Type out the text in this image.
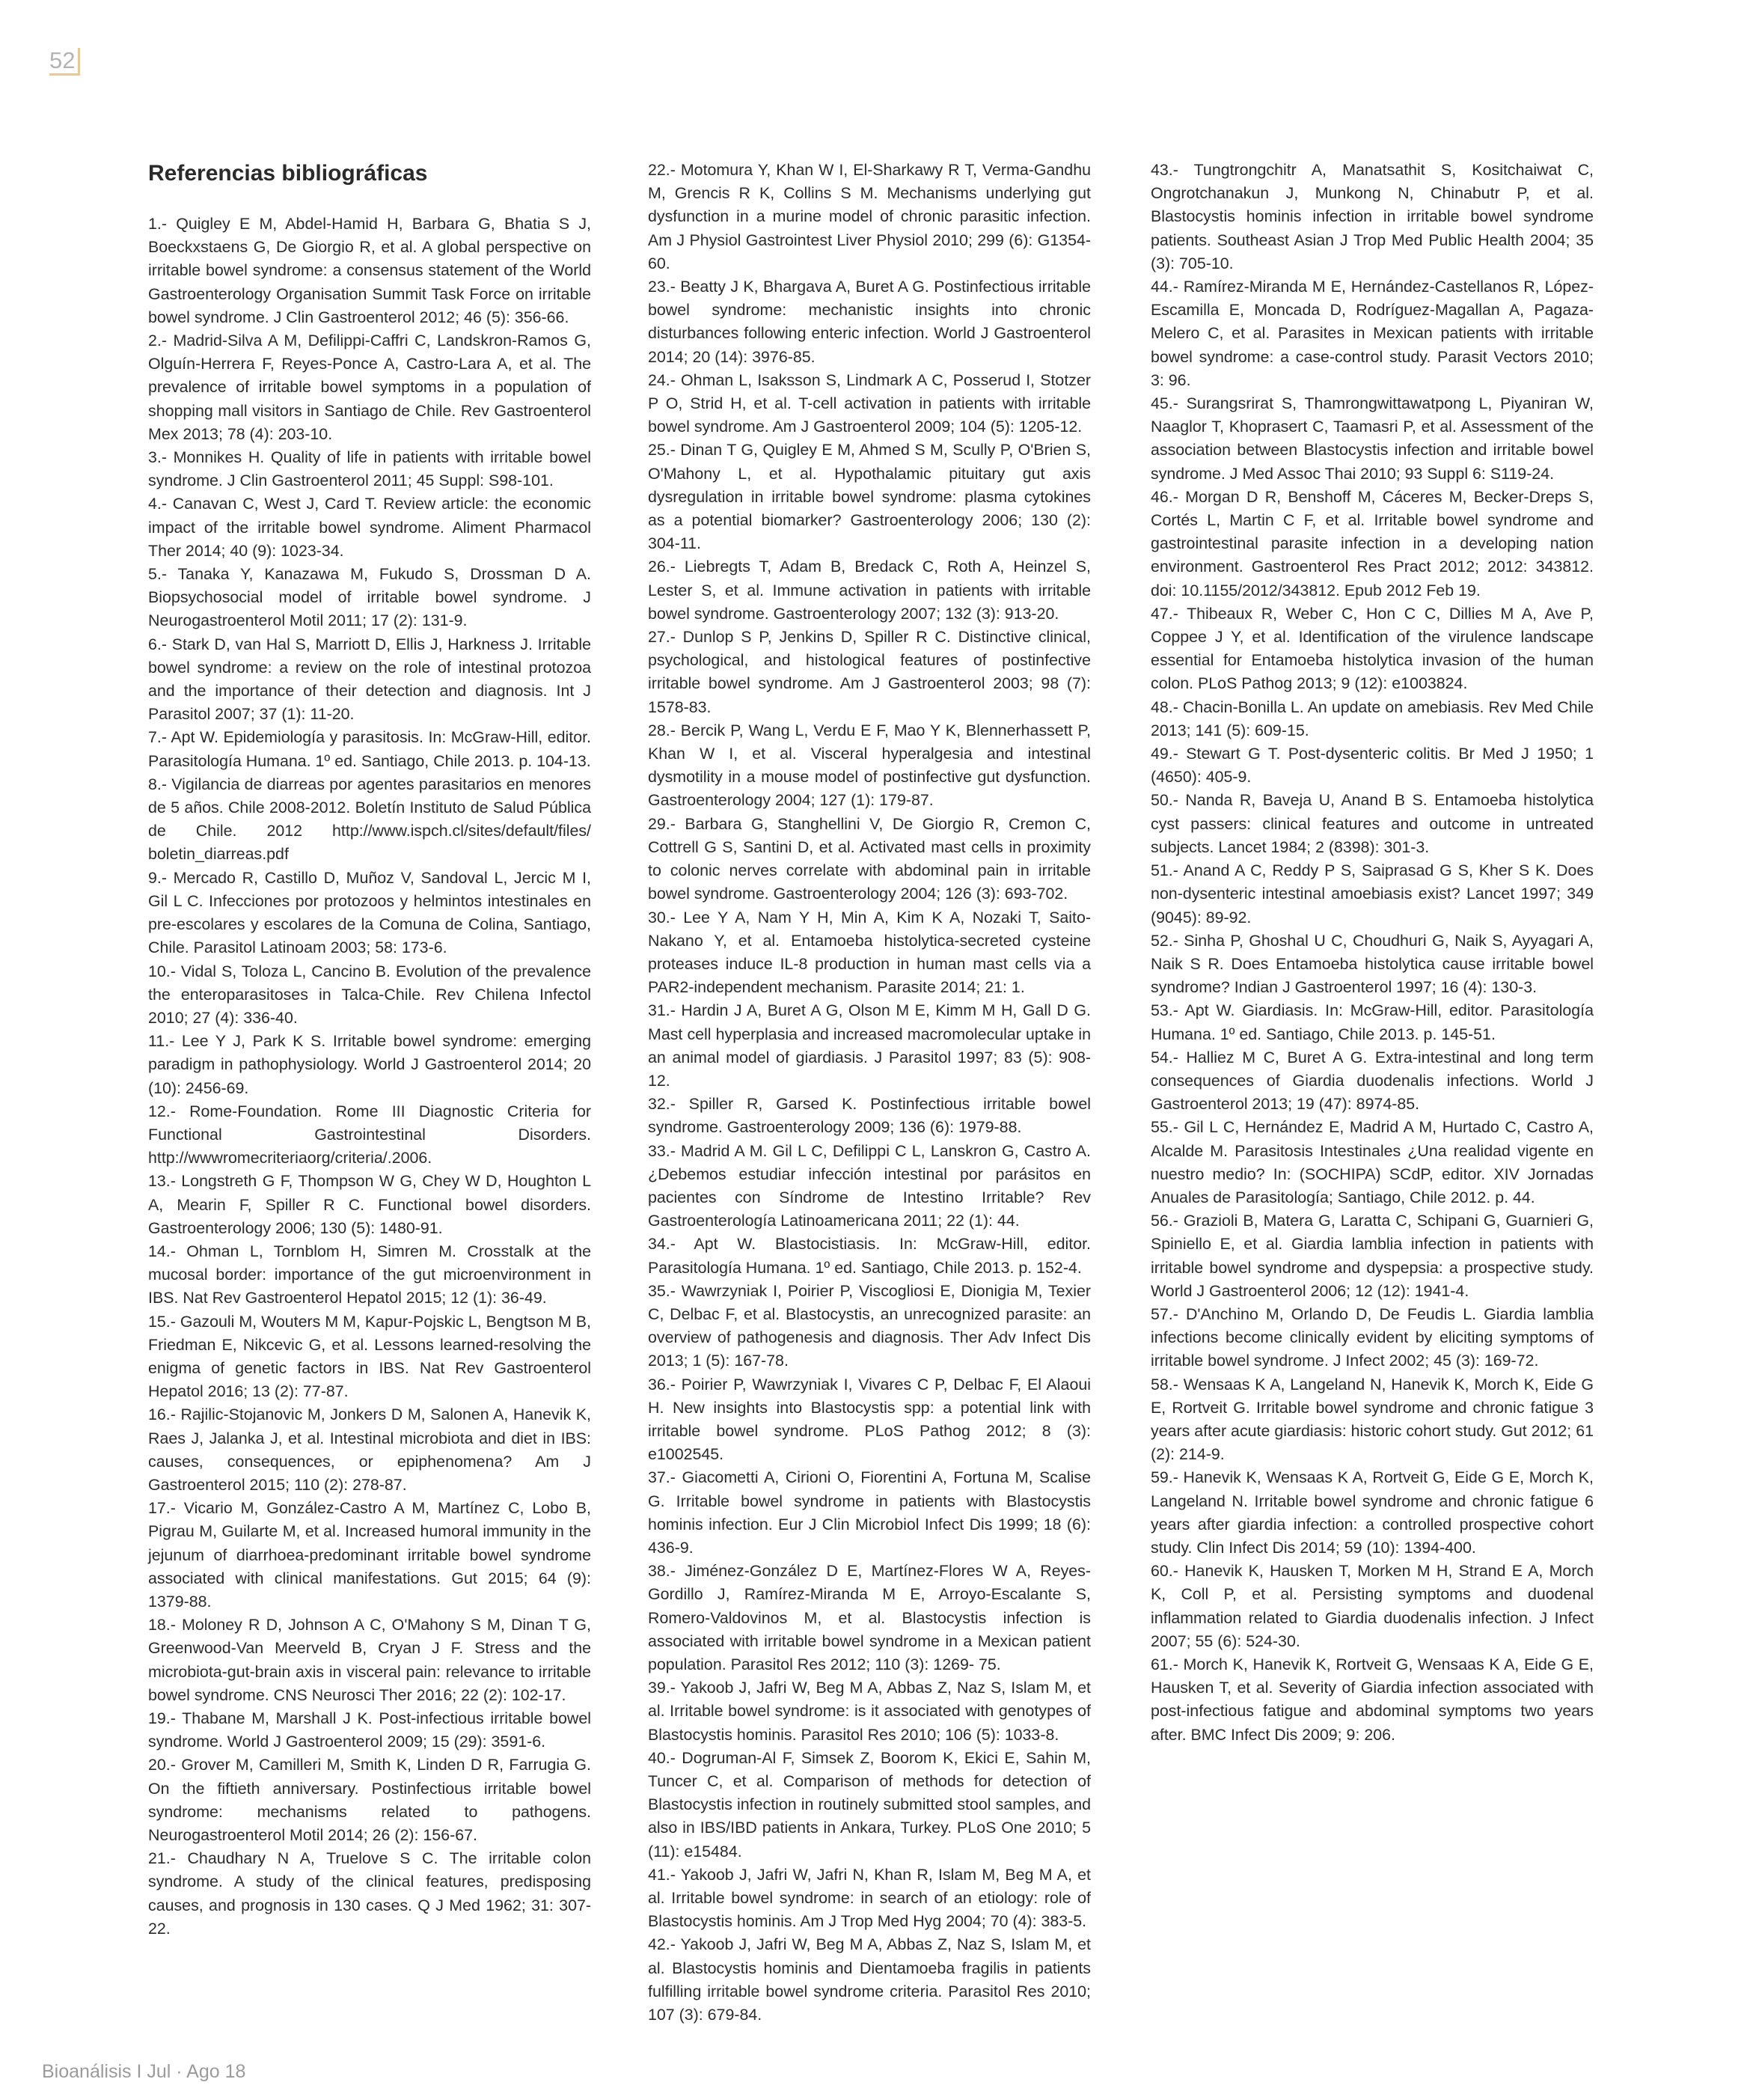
52
Referencias bibliográficas

1.- Quigley E M, Abdel-Hamid H, Barbara G, Bhatia S J, Boeckxstaens G, De Giorgio R, et al. A global perspective on irritable bowel syndrome: a consensus statement of the World Gastroenterology Organisation Summit Task Force on irritable bowel syndrome. J Clin Gastroenterol 2012; 46 (5): 356-66.

2.- Madrid-Silva A M, Defilippi-Caffri C, Landskron-Ramos G, Olguín-Herrera F, Reyes-Ponce A, Castro-Lara A, et al. The prevalence of irritable bowel symptoms in a population of shopping mall visitors in Santiago de Chile. Rev Gastroenterol Mex 2013; 78 (4): 203-10.

3.- Monnikes H. Quality of life in patients with irritable bowel syndrome. J Clin Gastroenterol 2011; 45 Suppl: S98-101.

4.- Canavan C, West J, Card T. Review article: the economic impact of the irritable bowel syndrome. Aliment Pharmacol Ther 2014; 40 (9): 1023-34.

5.- Tanaka Y, Kanazawa M, Fukudo S, Drossman D A. Biopsychosocial model of irritable bowel syndrome. J Neurogastroenterol Motil 2011; 17 (2): 131-9.

6.- Stark D, van Hal S, Marriott D, Ellis J, Harkness J. Irritable bowel syndrome: a review on the role of intestinal protozoa and the importance of their detection and diagnosis. Int J Parasitol 2007; 37 (1): 11-20.

7.- Apt W. Epidemiología y parasitosis. In: McGraw-Hill, editor. Parasitología Humana. 1º ed. Santiago, Chile 2013. p. 104-13.

8.- Vigilancia de diarreas por agentes parasitarios en menores de 5 años. Chile 2008-2012. Boletín Instituto de Salud Pública de Chile. 2012 http://www.ispch.cl/sites/default/files/ boletin_diarreas.pdf

9.- Mercado R, Castillo D, Muñoz V, Sandoval L, Jercic M I, Gil L C. Infecciones por protozoos y helmintos intestinales en pre-escolares y escolares de la Comuna de Colina, Santiago, Chile. Parasitol Latinoam 2003; 58: 173-6.

10.- Vidal S, Toloza L, Cancino B. Evolution of the prevalence the enteroparasitoses in Talca-Chile. Rev Chilena Infectol 2010; 27 (4): 336-40.

11.- Lee Y J, Park K S. Irritable bowel syndrome: emerging paradigm in pathophysiology. World J Gastroenterol 2014; 20 (10): 2456-69.

12.- Rome-Foundation. Rome III Diagnostic Criteria for Functional Gastrointestinal Disorders. http://wwwromecriteriaorg/criteria/.2006.

13.- Longstreth G F, Thompson W G, Chey W D, Houghton L A, Mearin F, Spiller R C. Functional bowel disorders. Gastroenterology 2006; 130 (5): 1480-91.

14.- Ohman L, Tornblom H, Simren M. Crosstalk at the mucosal border: importance of the gut microenvironment in IBS. Nat Rev Gastroenterol Hepatol 2015; 12 (1): 36-49.

15.- Gazouli M, Wouters M M, Kapur-Pojskic L, Bengtson M B, Friedman E, Nikcevic G, et al. Lessons learned-resolving the enigma of genetic factors in IBS. Nat Rev Gastroenterol Hepatol 2016; 13 (2): 77-87.

16.- Rajilic-Stojanovic M, Jonkers D M, Salonen A, Hanevik K, Raes J, Jalanka J, et al. Intestinal microbiota and diet in IBS: causes, consequences, or epiphenomena? Am J Gastroenterol 2015; 110 (2): 278-87.

17.- Vicario M, González-Castro A M, Martínez C, Lobo B, Pigrau M, Guilarte M, et al. Increased humoral immunity in the jejunum of diarrhoea-predominant irritable bowel syndrome associated with clinical manifestations. Gut 2015; 64 (9): 1379-88.

18.- Moloney R D, Johnson A C, O'Mahony S M, Dinan T G, Greenwood-Van Meerveld B, Cryan J F. Stress and the microbiota-gut-brain axis in visceral pain: relevance to irritable bowel syndrome. CNS Neurosci Ther 2016; 22 (2): 102-17.

19.- Thabane M, Marshall J K. Post-infectious irritable bowel syndrome. World J Gastroenterol 2009; 15 (29): 3591-6.

20.- Grover M, Camilleri M, Smith K, Linden D R, Farrugia G. On the fiftieth anniversary. Postinfectious irritable bowel syndrome: mechanisms related to pathogens. Neurogastroenterol Motil 2014; 26 (2): 156-67.

21.- Chaudhary N A, Truelove S C. The irritable colon syndrome. A study of the clinical features, predisposing causes, and prognosis in 130 cases. Q J Med 1962; 31: 307-22.

22.- Motomura Y, Khan W I, El-Sharkawy R T, Verma-Gandhu M, Grencis R K, Collins S M. Mechanisms underlying gut dysfunction in a murine model of chronic parasitic infection. Am J Physiol Gastrointest Liver Physiol 2010; 299 (6): G1354-60.

23.- Beatty J K, Bhargava A, Buret A G. Postinfectious irritable bowel syndrome: mechanistic insights into chronic disturbances following enteric infection. World J Gastroenterol 2014; 20 (14): 3976-85.

24.- Ohman L, Isaksson S, Lindmark A C, Posserud I, Stotzer P O, Strid H, et al. T-cell activation in patients with irritable bowel syndrome. Am J Gastroenterol 2009; 104 (5): 1205-12.

25.- Dinan T G, Quigley E M, Ahmed S M, Scully P, O'Brien S, O'Mahony L, et al. Hypothalamic pituitary gut axis dysregulation in irritable bowel syndrome: plasma cytokines as a potential biomarker? Gastroenterology 2006; 130 (2): 304-11.

26.- Liebregts T, Adam B, Bredack C, Roth A, Heinzel S, Lester S, et al. Immune activation in patients with irritable bowel syndrome. Gastroenterology 2007; 132 (3): 913-20.

27.- Dunlop S P, Jenkins D, Spiller R C. Distinctive clinical, psychological, and histological features of postinfective irritable bowel syndrome. Am J Gastroenterol 2003; 98 (7): 1578-83.

28.- Bercik P, Wang L, Verdu E F, Mao Y K, Blennerhassett P, Khan W I, et al. Visceral hyperalgesia and intestinal dysmotility in a mouse model of postinfective gut dysfunction. Gastroenterology 2004; 127 (1): 179-87.

29.- Barbara G, Stanghellini V, De Giorgio R, Cremon C, Cottrell G S, Santini D, et al. Activated mast cells in proximity to colonic nerves correlate with abdominal pain in irritable bowel syndrome. Gastroenterology 2004; 126 (3): 693-702.

30.- Lee Y A, Nam Y H, Min A, Kim K A, Nozaki T, Saito-Nakano Y, et al. Entamoeba histolytica-secreted cysteine proteases induce IL-8 production in human mast cells via a PAR2-independent mechanism. Parasite 2014; 21: 1.

31.- Hardin J A, Buret A G, Olson M E, Kimm M H, Gall D G. Mast cell hyperplasia and increased macromolecular uptake in an animal model of giardiasis. J Parasitol 1997; 83 (5): 908-12.

32.- Spiller R, Garsed K. Postinfectious irritable bowel syndrome. Gastroenterology 2009; 136 (6): 1979-88.

33.- Madrid A M. Gil L C, Defilippi C L, Lanskron G, Castro A. ¿Debemos estudiar infección intestinal por parásitos en pacientes con Síndrome de Intestino Irritable? Rev Gastroenterología Latinoamericana 2011; 22 (1): 44.

34.- Apt W. Blastocistiasis. In: McGraw-Hill, editor. Parasitología Humana. 1º ed. Santiago, Chile 2013. p. 152-4.

35.- Wawrzyniak I, Poirier P, Viscogliosi E, Dionigia M, Texier C, Delbac F, et al. Blastocystis, an unrecognized parasite: an overview of pathogenesis and diagnosis. Ther Adv Infect Dis 2013; 1 (5): 167-78.

36.- Poirier P, Wawrzyniak I, Vivares C P, Delbac F, El Alaoui H. New insights into Blastocystis spp: a potential link with irritable bowel syndrome. PLoS Pathog 2012; 8 (3): e1002545.

37.- Giacometti A, Cirioni O, Fiorentini A, Fortuna M, Scalise G. Irritable bowel syndrome in patients with Blastocystis hominis infection. Eur J Clin Microbiol Infect Dis 1999; 18 (6): 436-9.

38.- Jiménez-González D E, Martínez-Flores W A, Reyes-Gordillo J, Ramírez-Miranda M E, Arroyo-Escalante S, Romero-Valdovinos M, et al. Blastocystis infection is associated with irritable bowel syndrome in a Mexican patient population. Parasitol Res 2012; 110 (3): 1269- 75.

39.- Yakoob J, Jafri W, Beg M A, Abbas Z, Naz S, Islam M, et al. Irritable bowel syndrome: is it associated with genotypes of Blastocystis hominis. Parasitol Res 2010; 106 (5): 1033-8.

40.- Dogruman-Al F, Simsek Z, Boorom K, Ekici E, Sahin M, Tuncer C, et al. Comparison of methods for detection of Blastocystis infection in routinely submitted stool samples, and also in IBS/IBD patients in Ankara, Turkey. PLoS One 2010; 5 (11): e15484.

41.- Yakoob J, Jafri W, Jafri N, Khan R, Islam M, Beg M A, et al. Irritable bowel syndrome: in search of an etiology: role of Blastocystis hominis. Am J Trop Med Hyg 2004; 70 (4): 383-5.

42.- Yakoob J, Jafri W, Beg M A, Abbas Z, Naz S, Islam M, et al. Blastocystis hominis and Dientamoeba fragilis in patients fulfilling irritable bowel syndrome criteria. Parasitol Res 2010; 107 (3): 679-84.

43.- Tungtrongchitr A, Manatsathit S, Kositchaiwat C, Ongrotchanakun J, Munkong N, Chinabutr P, et al. Blastocystis hominis infection in irritable bowel syndrome patients. Southeast Asian J Trop Med Public Health 2004; 35 (3): 705-10.

44.- Ramírez-Miranda M E, Hernández-Castellanos R, López-Escamilla E, Moncada D, Rodríguez-Magallan A, Pagaza-Melero C, et al. Parasites in Mexican patients with irritable bowel syndrome: a case-control study. Parasit Vectors 2010; 3: 96.

45.- Surangsrirat S, Thamrongwittawatpong L, Piyaniran W, Naaglor T, Khoprasert C, Taamasri P, et al. Assessment of the association between Blastocystis infection and irritable bowel syndrome. J Med Assoc Thai 2010; 93 Suppl 6: S119-24.

46.- Morgan D R, Benshoff M, Cáceres M, Becker-Dreps S, Cortés L, Martin C F, et al. Irritable bowel syndrome and gastrointestinal parasite infection in a developing nation environment. Gastroenterol Res Pract 2012; 2012: 343812. doi: 10.1155/2012/343812. Epub 2012 Feb 19.

47.- Thibeaux R, Weber C, Hon C C, Dillies M A, Ave P, Coppee J Y, et al. Identification of the virulence landscape essential for Entamoeba histolytica invasion of the human colon. PLoS Pathog 2013; 9 (12): e1003824.

48.- Chacin-Bonilla L. An update on amebiasis. Rev Med Chile 2013; 141 (5): 609-15.

49.- Stewart G T. Post-dysenteric colitis. Br Med J 1950; 1 (4650): 405-9.

50.- Nanda R, Baveja U, Anand B S. Entamoeba histolytica cyst passers: clinical features and outcome in untreated subjects. Lancet 1984; 2 (8398): 301-3.

51.- Anand A C, Reddy P S, Saiprasad G S, Kher S K. Does non-dysenteric intestinal amoebiasis exist? Lancet 1997; 349 (9045): 89-92.

52.- Sinha P, Ghoshal U C, Choudhuri G, Naik S, Ayyagari A, Naik S R. Does Entamoeba histolytica cause irritable bowel syndrome? Indian J Gastroenterol 1997; 16 (4): 130-3.

53.- Apt W. Giardiasis. In: McGraw-Hill, editor. Parasitología Humana. 1º ed. Santiago, Chile 2013. p. 145-51.

54.- Halliez M C, Buret A G. Extra-intestinal and long term consequences of Giardia duodenalis infections. World J Gastroenterol 2013; 19 (47): 8974-85.

55.- Gil L C, Hernández E, Madrid A M, Hurtado C, Castro A, Alcalde M. Parasitosis Intestinales ¿Una realidad vigente en nuestro medio? In: (SOCHIPA) SCdP, editor. XIV Jornadas Anuales de Parasitología; Santiago, Chile 2012. p. 44.

56.- Grazioli B, Matera G, Laratta C, Schipani G, Guarnieri G, Spiniello E, et al. Giardia lamblia infection in patients with irritable bowel syndrome and dyspepsia: a prospective study. World J Gastroenterol 2006; 12 (12): 1941-4.

57.- D'Anchino M, Orlando D, De Feudis L. Giardia lamblia infections become clinically evident by eliciting symptoms of irritable bowel syndrome. J Infect 2002; 45 (3): 169-72.

58.- Wensaas K A, Langeland N, Hanevik K, Morch K, Eide G E, Rortveit G. Irritable bowel syndrome and chronic fatigue 3 years after acute giardiasis: historic cohort study. Gut 2012; 61 (2): 214-9.

59.- Hanevik K, Wensaas K A, Rortveit G, Eide G E, Morch K, Langeland N. Irritable bowel syndrome and chronic fatigue 6 years after giardia infection: a controlled prospective cohort study. Clin Infect Dis 2014; 59 (10): 1394-400.

60.- Hanevik K, Hausken T, Morken M H, Strand E A, Morch K, Coll P, et al. Persisting symptoms and duodenal inflammation related to Giardia duodenalis infection. J Infect 2007; 55 (6): 524-30.

61.- Morch K, Hanevik K, Rortveit G, Wensaas K A, Eide G E, Hausken T, et al. Severity of Giardia infection associated with post-infectious fatigue and abdominal symptoms two years after. BMC Infect Dis 2009; 9: 206.

Bioanálisis I Jul · Ago 18
